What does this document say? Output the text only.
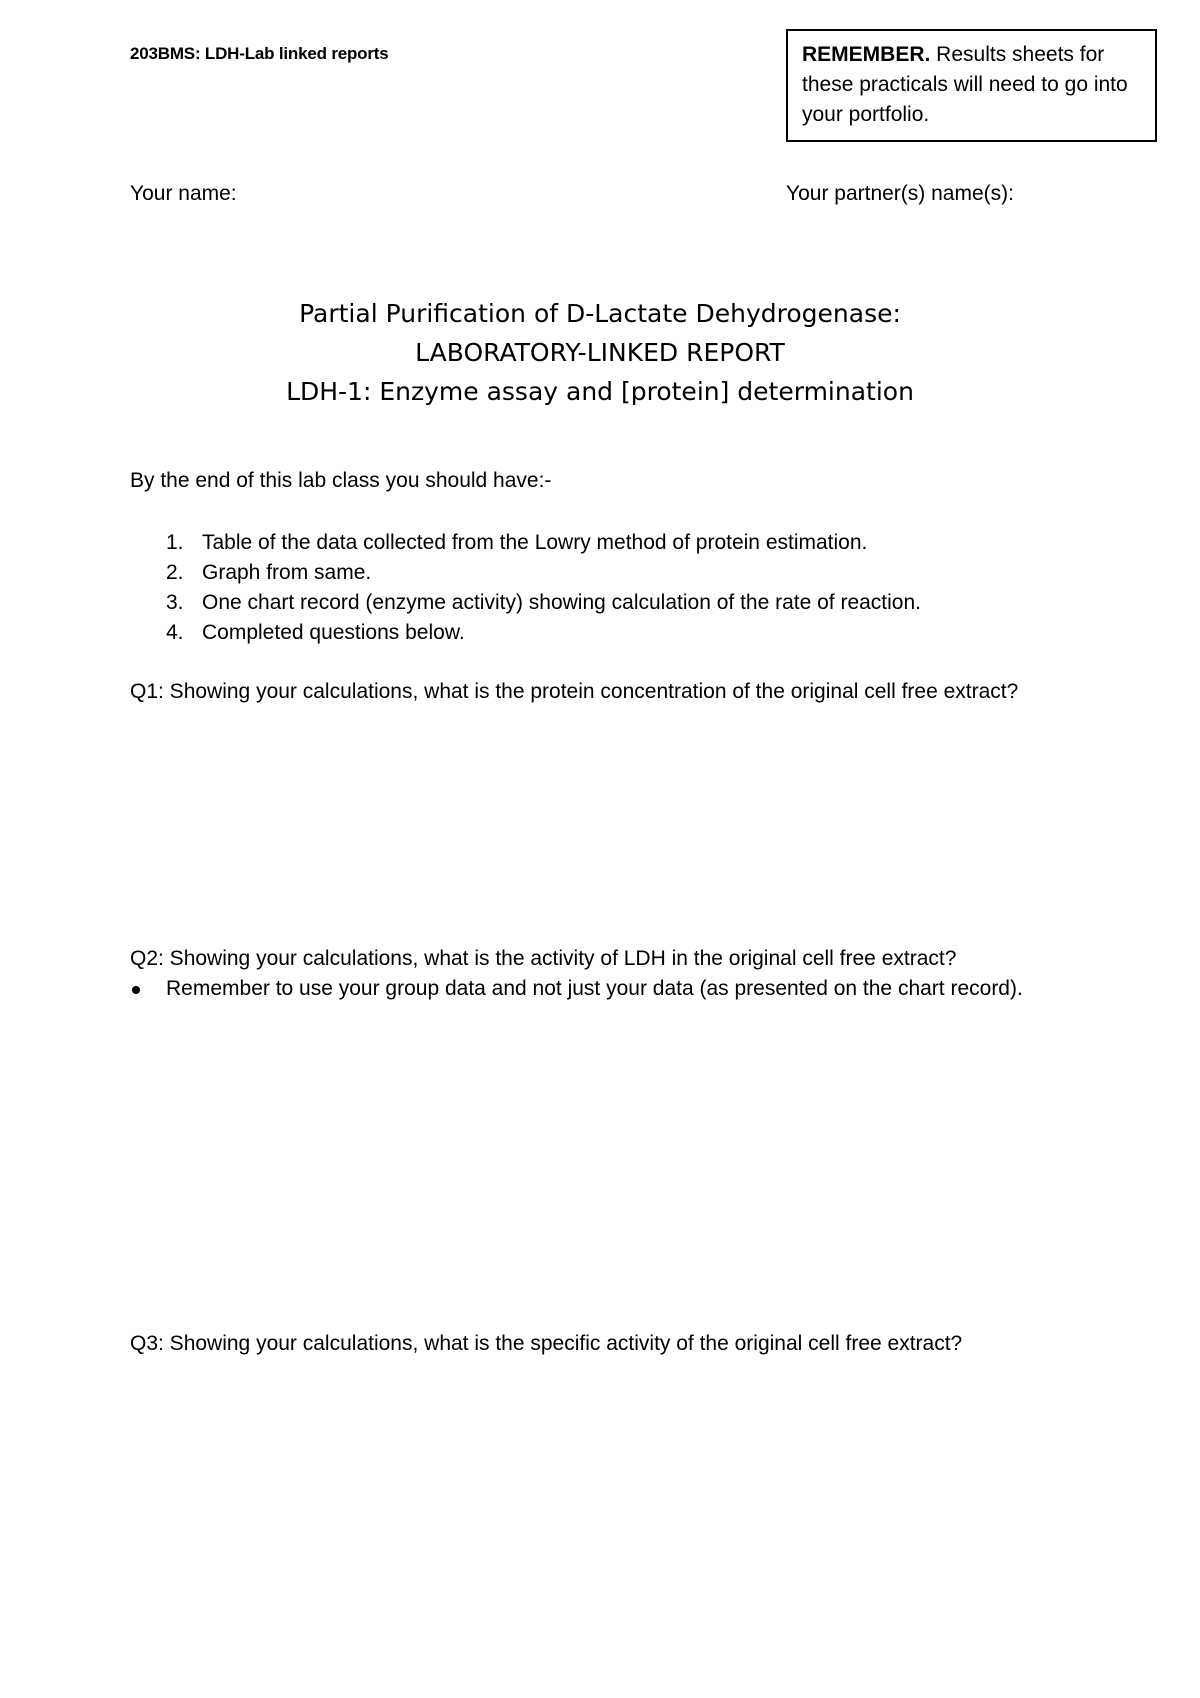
203BMS: LDH-Lab linked reports	REMEMBER. Results sheets for these practicals will need to go into your portfolio.
Your name:	Your partner(s) name(s):
Partial Purification of D-Lactate Dehydrogenase:
LABORATORY-LINKED REPORT
LDH-1: Enzyme assay and [protein] determination
By the end of this lab class you should have:-
1. Table of the data collected from the Lowry method of protein estimation.
2. Graph from same.
3. One chart record (enzyme activity) showing calculation of the rate of reaction.
4. Completed questions below.
Q1: Showing your calculations, what is the protein concentration of the original cell free extract?
Q2: Showing your calculations, what is the activity of LDH in the original cell free extract?
Remember to use your group data and not just your data (as presented on the chart record).
Q3: Showing your calculations, what is the specific activity of the original cell free extract?
